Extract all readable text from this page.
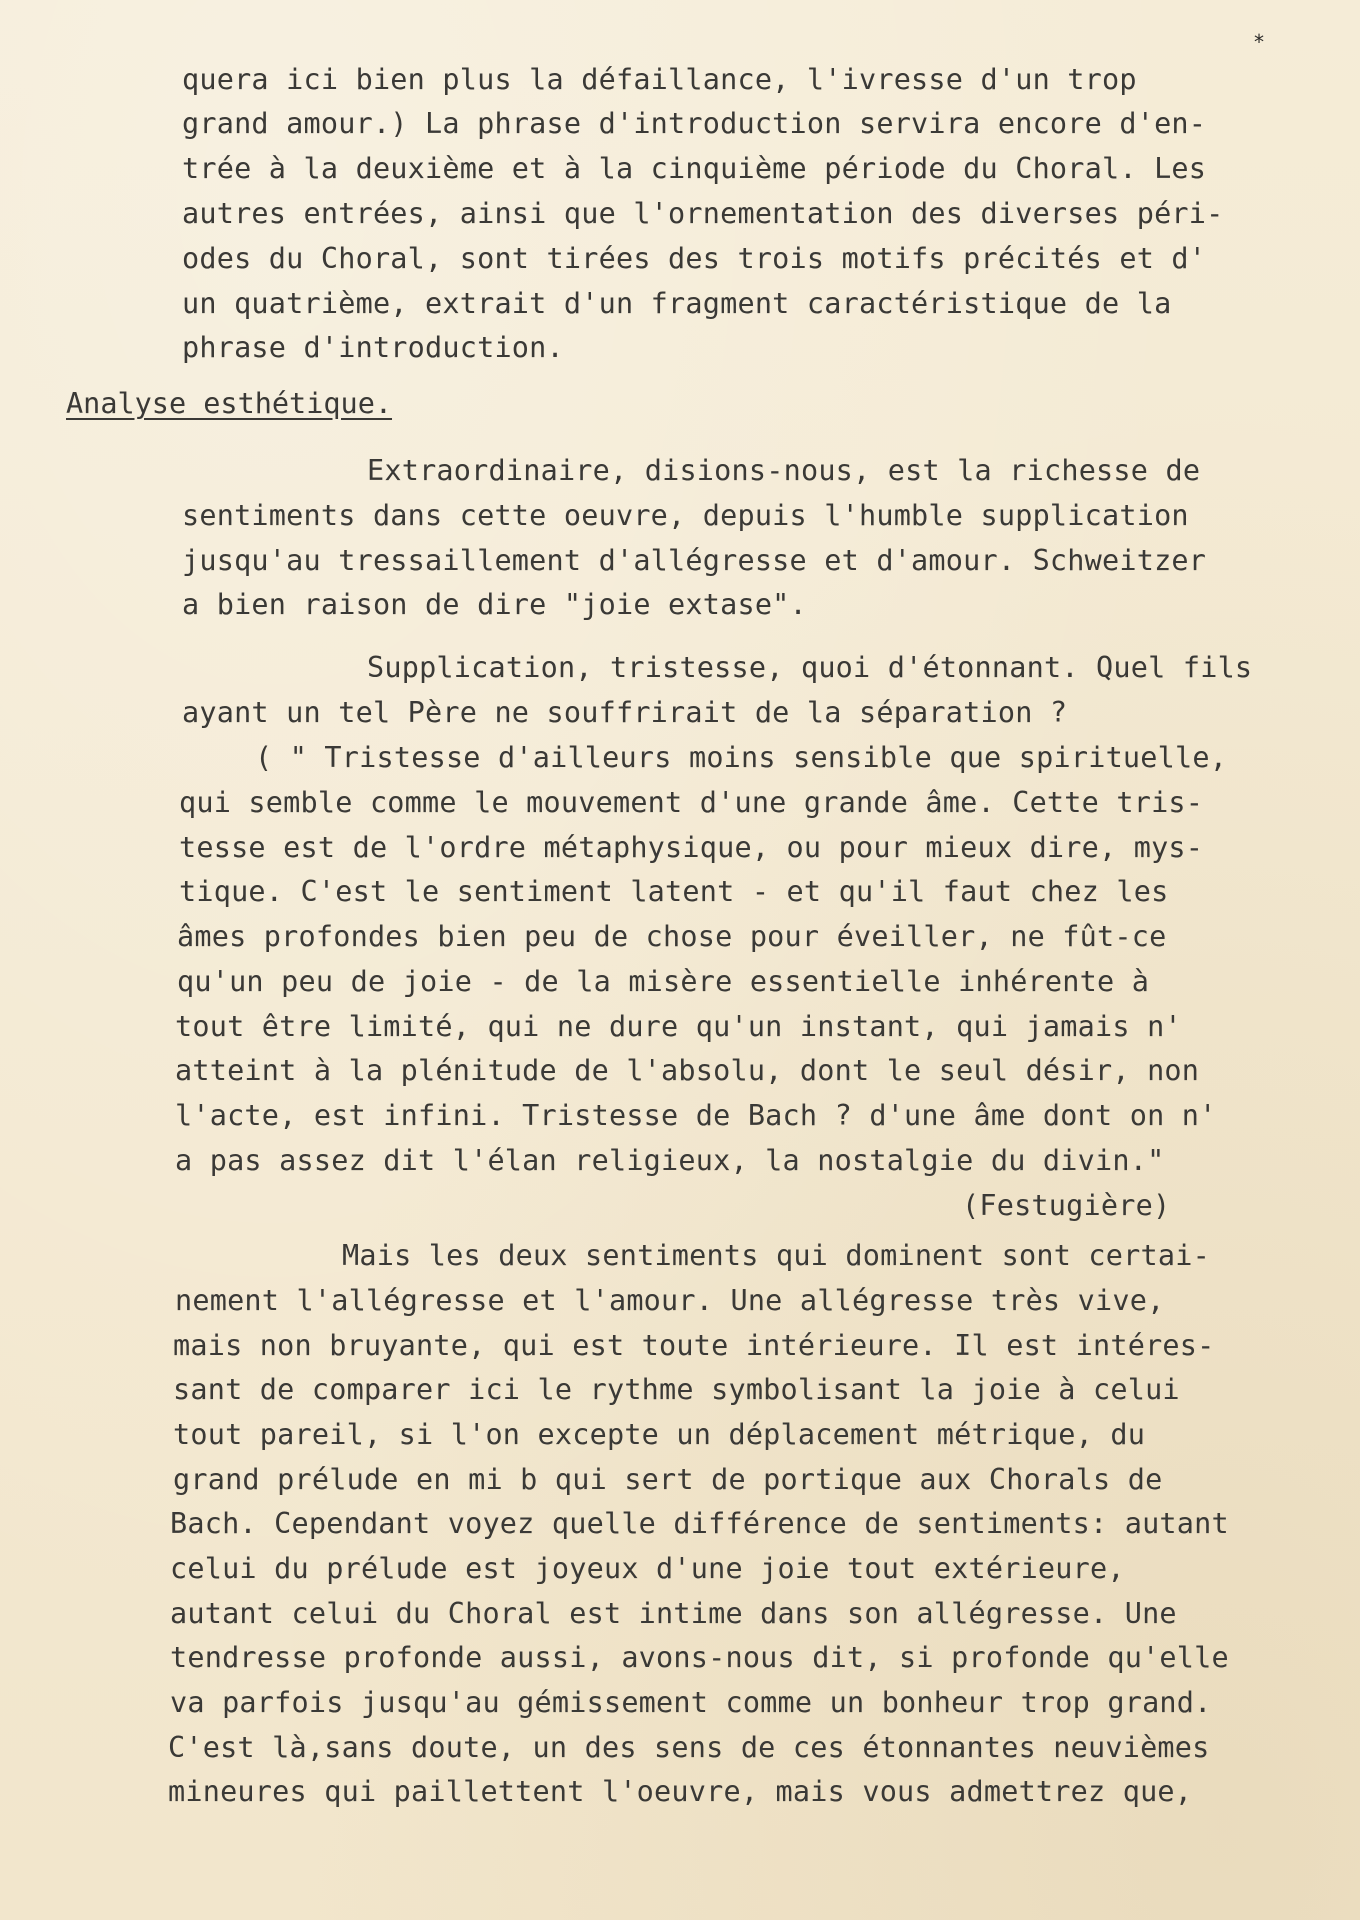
*
quera ici bien plus la défaillance, l'ivresse d'un trop
grand amour.) La phrase d'introduction servira encore d'en-
trée à la deuxième et à la cinquième période du Choral. Les
autres entrées, ainsi que l'ornementation des diverses péri-
odes du Choral, sont tirées des trois motifs précités et d'
un quatrième, extrait d'un fragment caractéristique de la
phrase d'introduction.
Analyse esthétique.
Extraordinaire, disions-nous, est la richesse de
sentiments dans cette oeuvre, depuis l'humble supplication
jusqu'au tressaillement d'allégresse et d'amour. Schweitzer
a bien raison de dire "joie extase".
Supplication, tristesse, quoi d'étonnant. Quel fils
ayant un tel Père ne souffrirait de la séparation ?
( " Tristesse d'ailleurs moins sensible que spirituelle,
qui semble comme le mouvement d'une grande âme. Cette tris-
tesse est de l'ordre métaphysique, ou pour mieux dire, mys-
tique. C'est le sentiment latent - et qu'il faut chez les
âmes profondes bien peu de chose pour éveiller, ne fût-ce
qu'un peu de joie - de la misère essentielle inhérente à
tout être limité, qui ne dure qu'un instant, qui jamais n'
atteint à la plénitude de l'absolu, dont le seul désir, non
l'acte, est infini. Tristesse de Bach ? d'une âme dont on n'
a pas assez dit l'élan religieux, la nostalgie du divin."
(Festugière)
Mais les deux sentiments qui dominent sont certai-
nement l'allégresse et l'amour. Une allégresse très vive,
mais non bruyante, qui est toute intérieure. Il est intéres-
sant de comparer ici le rythme symbolisant la joie à celui
tout pareil, si l'on excepte un déplacement métrique, du
grand prélude en mi b qui sert de portique aux Chorals de
Bach. Cependant voyez quelle différence de sentiments: autant
celui du prélude est joyeux d'une joie tout extérieure,
autant celui du Choral est intime dans son allégresse. Une
tendresse profonde aussi, avons-nous dit, si profonde qu'elle
va parfois jusqu'au gémissement comme un bonheur trop grand.
C'est là,sans doute, un des sens de ces étonnantes neuvièmes
mineures qui paillettent l'oeuvre, mais vous admettrez que,
